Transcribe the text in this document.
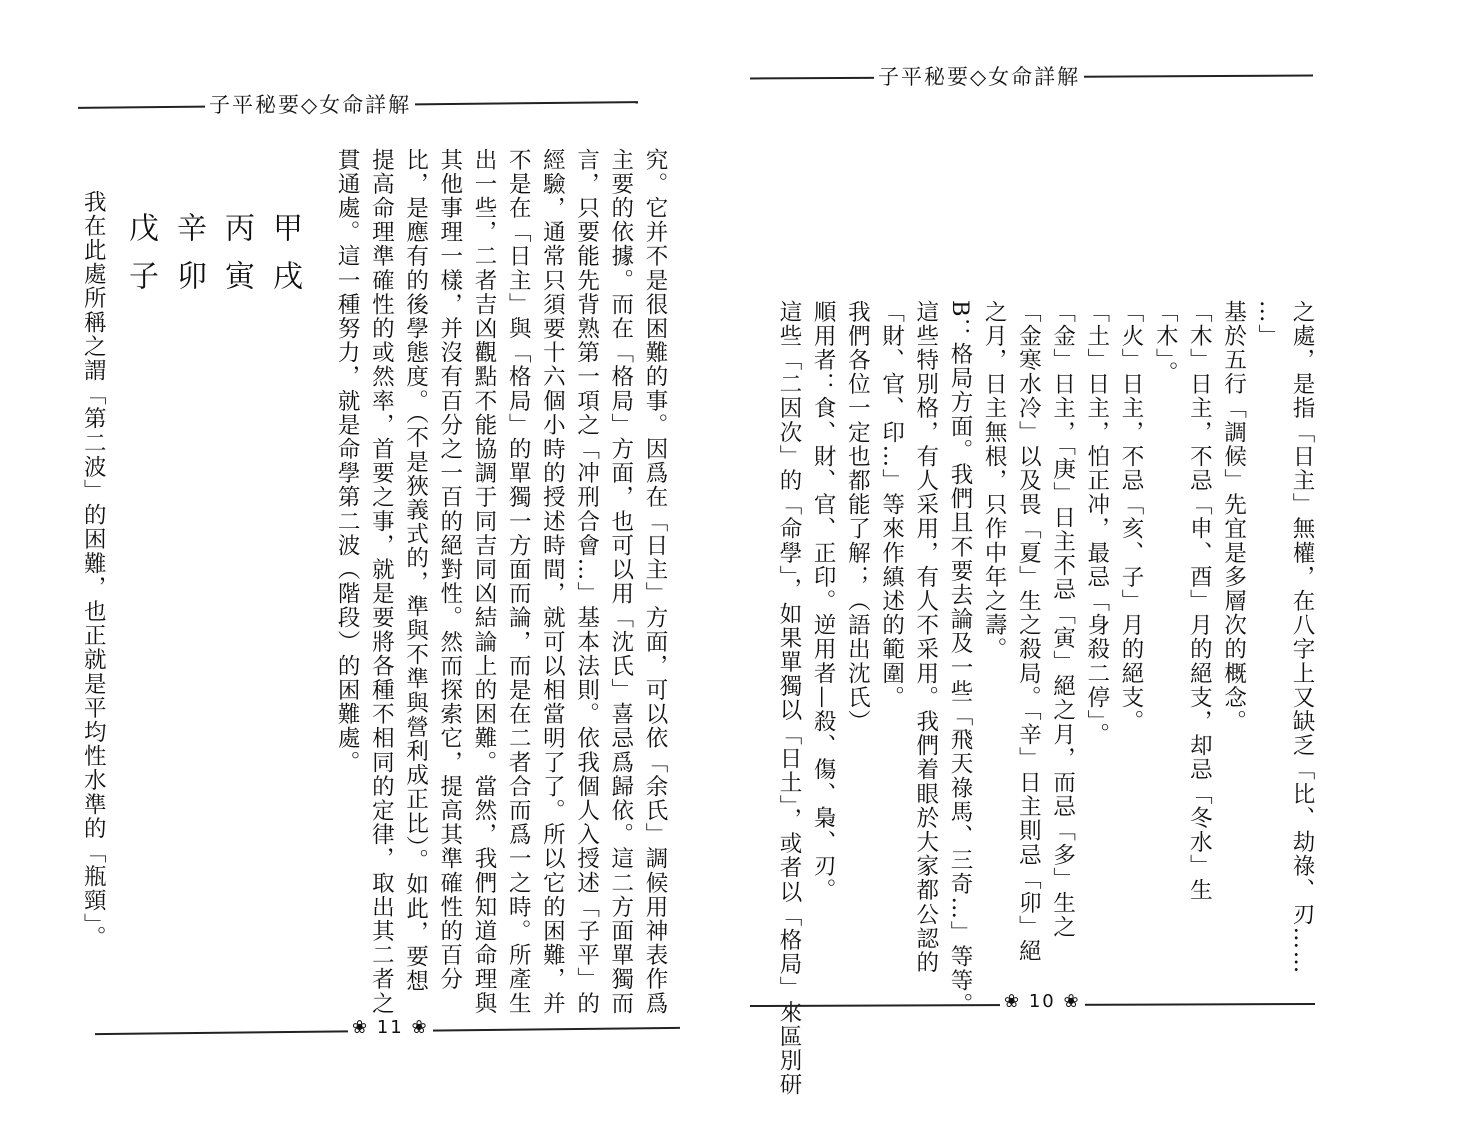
子平秘要◇女命詳解
究。它并不是很困難的事。因爲在「日主」方面，可以依「余氏」調候用神表作爲
主要的依據。而在「格局」方面，也可以用「沈氏」喜忌爲歸依。這二方面單獨而
言，只要能先背熟第一項之「冲刑合會…」基本法則。依我個人入授述「子平」的
經驗，通常只須要十六個小時的授述時間，就可以相當明了了。所以它的困難，并
不是在「日主」與「格局」的單獨一方面而論，而是在二者合而爲一之時。所產生
出一些，二者吉凶觀點不能協調于同吉同凶結論上的困難。當然，我們知道命理與
其他事理一樣，并沒有百分之一百的絕對性。然而探索它，提高其準確性的百分
比，是應有的後學態度。（不是狹義式的，準與不準與營利成正比）。如此，要想
提高命理準確性的或然率，首要之事，就是要將各種不相同的定律，取出其二者之
貫通處。這一種努力，就是命學第二波（階段）的困難處。
甲戌
丙寅
辛卯
戊子
我在此處所稱之謂「第二波」的困難，也正就是平均性水準的「瓶頸」。
❀ 11 ❀
子平秘要◇女命詳解
之處，是指「日主」無權，在八字上又缺乏「比、劫祿、刃……
…」
基於五行「調候」先宜是多層次的概念。
「木」日主，不忌「申、酉」月的絕支，却忌「冬水」生
「木」。
「火」日主，不忌「亥、子」月的絕支。
「土」日主，怕正冲，最忌「身殺二停」。
「金」日主，「庚」日主不忌「寅」絕之月，而忌「多」生之
「金寒水冷」以及畏「夏」生之殺局。「辛」日主則忌「卯」絕
之月，日主無根，只作中年之壽。
B：格局方面。我們且不要去論及一些「飛天祿馬、三奇…」等等。
這些特別格，有人采用，有人不采用。我們着眼於大家都公認的
「財、官、印…」等來作縝述的範圍。
我們各位一定也都能了解；（語出沈氏）
順用者：食、財、官、正印。逆用者—殺、傷、梟、刃。
這些「二因次」的「命學」，如果單獨以「日土」，或者以「格局」來區別研	❀ 10 ❀
